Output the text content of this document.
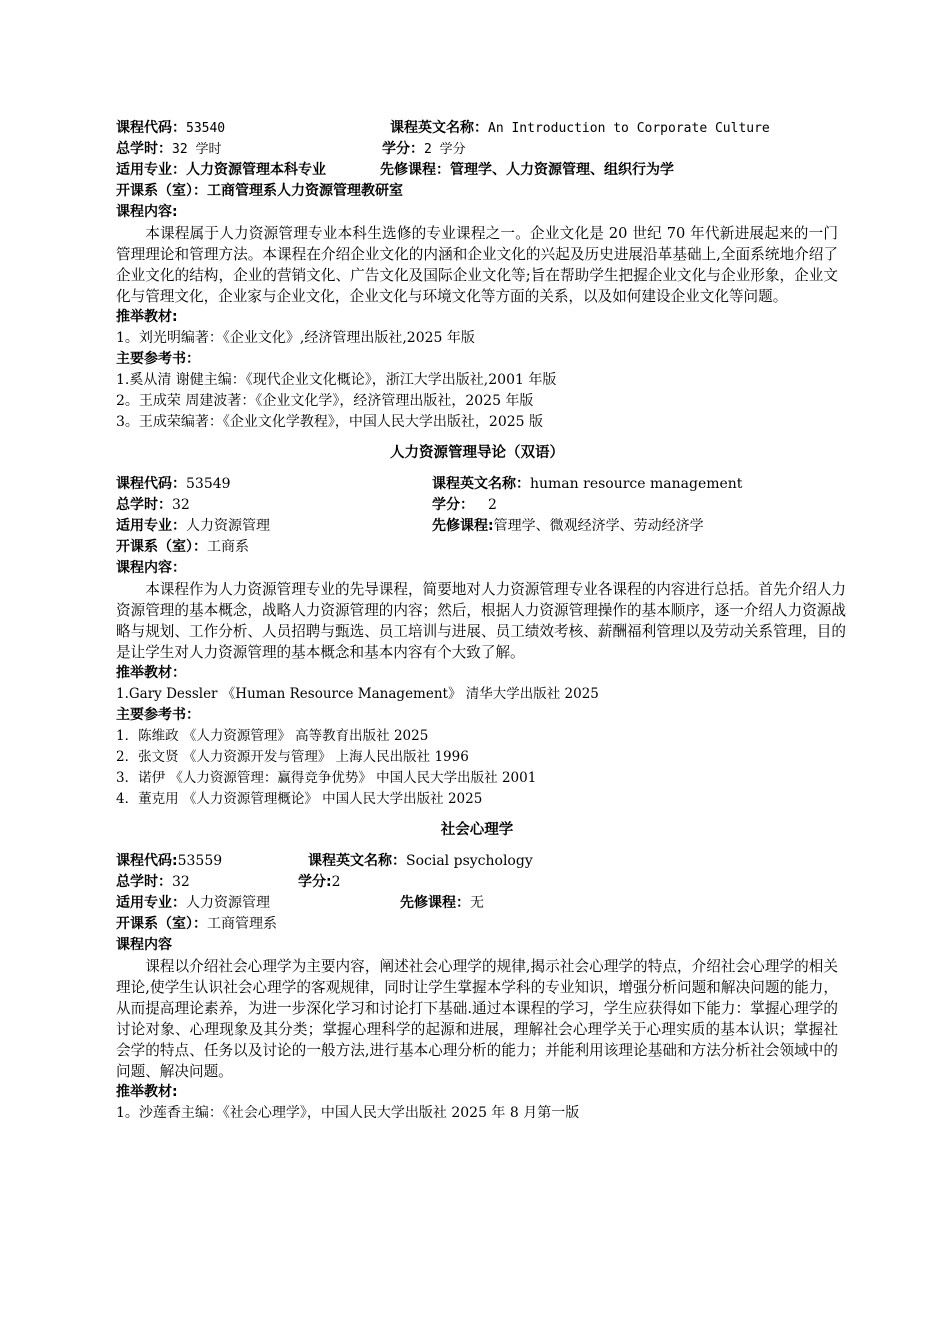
课程代码：53540	课程英文名称：An Introduction to Corporate Culture
总学时：32 学时	学分：2 学分
适用专业：人力资源管理本科专业	先修课程：管理学、人力资源管理、组织行为学
开课系（室）：工商管理系人力资源管理教研室
课程内容:

本课程属于人力资源管理专业本科生选修的专业课程之一。企业文化是 20 世纪 70 年代新进展起来的一门管理理论和管理方法。本课程在介绍企业文化的内涵和企业文化的兴起及历史进展沿革基础上,全面系统地介绍了企业文化的结构，企业的营销文化、广告文化及国际企业文化等;旨在帮助学生把握企业文化与企业形象，企业文化与管理文化，企业家与企业文化，企业文化与环境文化等方面的关系，以及如何建设企业文化等问题。

推举教材:
1。刘光明编著：《企业文化》,经济管理出版社,2025 年版
主要参考书：
1.奚从清 谢健主编：《现代企业文化概论》，浙江大学出版社,2001 年版
2。王成荣 周建波著：《企业文化学》，经济管理出版社，2025 年版
3。王成荣编著：《企业文化学教程》，中国人民大学出版社，2025 版
人力资源管理导论（双语）
课程代码：53549	课程英文名称：human resource management
总学时：32	学分： 2
适用专业：人力资源管理	先修课程:管理学、微观经济学、劳动经济学
开课系（室）：工商系
课程内容：

本课程作为人力资源管理专业的先导课程，简要地对人力资源管理专业各课程的内容进行总括。首先介绍人力资源管理的基本概念，战略人力资源管理的内容；然后，根据人力资源管理操作的基本顺序，逐一介绍人力资源战略与规划、工作分析、人员招聘与甄选、员工培训与进展、员工绩效考核、薪酬福利管理以及劳动关系管理，目的是让学生对人力资源管理的基本概念和基本内容有个大致了解。

推举教材：
1.Gary Dessler 《Human Resource Management》 清华大学出版社 2025
主要参考书：
1．陈维政 《人力资源管理》 高等教育出版社 2025
2．张文贤 《人力资源开发与管理》 上海人民出版社 1996
3．诺伊 《人力资源管理：赢得竞争优势》 中国人民大学出版社 2001
4．董克用 《人力资源管理概论》 中国人民大学出版社 2025
社会心理学
课程代码:53559	课程英文名称：Social psychology
总学时：32	学分:2
适用专业：人力资源管理	先修课程：无
开课系（室）：工商管理系
课程内容

课程以介绍社会心理学为主要内容，阐述社会心理学的规律,揭示社会心理学的特点，介绍社会心理学的相关理论,使学生认识社会心理学的客观规律，同时让学生掌握本学科的专业知识，增强分析问题和解决问题的能力，从而提高理论素养，为进一步深化学习和讨论打下基础.通过本课程的学习，学生应获得如下能力：掌握心理学的讨论对象、心理现象及其分类；掌握心理科学的起源和进展，理解社会心理学关于心理实质的基本认识；掌握社会学的特点、任务以及讨论的一般方法,进行基本心理分析的能力；并能利用该理论基础和方法分析社会领域中的问题、解决问题。

推举教材:
1。沙莲香主编：《社会心理学》，中国人民大学出版社 2025 年 8 月第一版
